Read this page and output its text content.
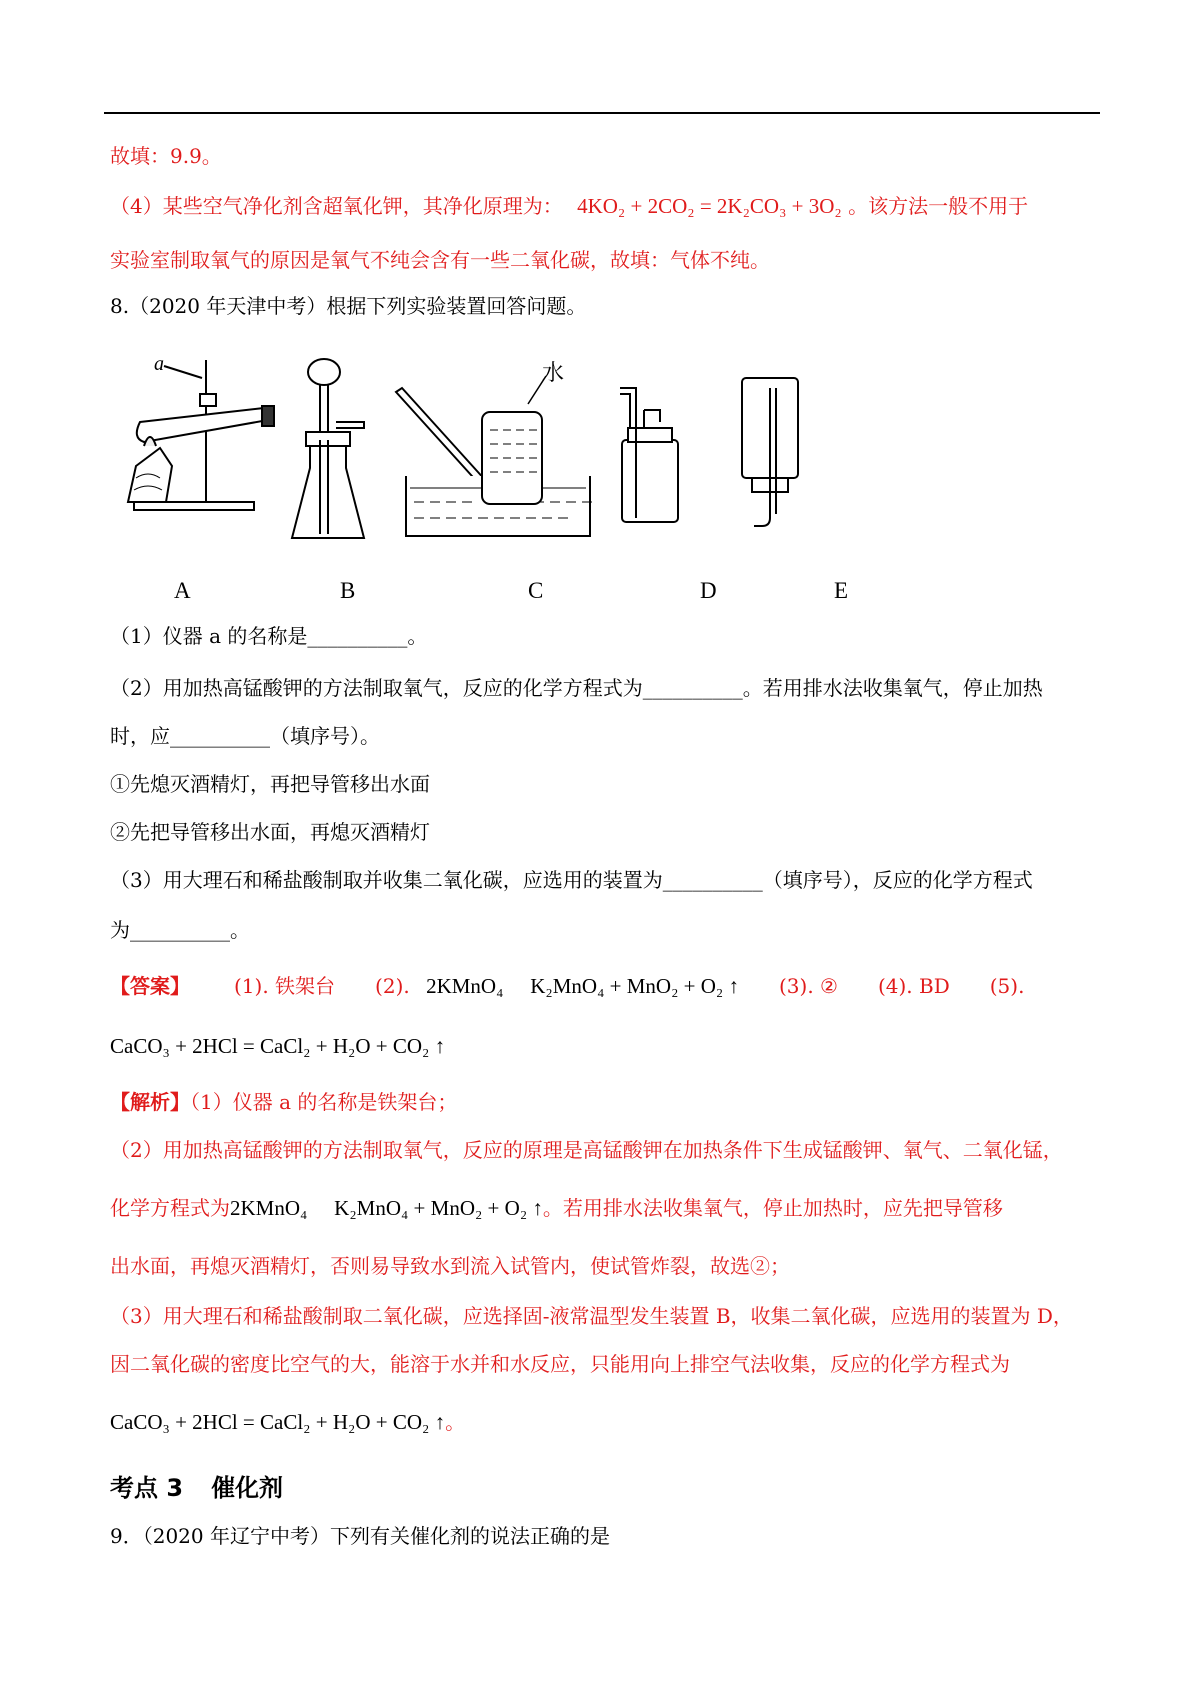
故填：9.9。
（4）某些空气净化剂含超氧化钾，其净化原理为： 4KO₂ + 2CO₂ = 2K₂CO₃ + 3O₂ 。该方法一般不用于
实验室制取氧气的原因是氧气不纯会含有一些二氧化碳，故填：气体不纯。
8.（2020 年天津中考）根据下列实验装置回答问题。
a	水
A	B	C	D	E
（1）仪器 a 的名称是__________。
（2）用加热高锰酸钾的方法制取氧气，反应的化学方程式为__________。若用排水法收集氧气，停止加热
时，应__________（填序号）。
①先熄灭酒精灯，再把导管移出水面
②先把导管移出水面，再熄灭酒精灯
（3）用大理石和稀盐酸制取并收集二氧化碳，应选用的装置为__________（填序号），反应的化学方程式
为__________。
【答案】 (1). 铁架台 (2). 2KMnO₄ ⃞ K₂MnO₄ + MnO₂ + O₂ ↑ (3). ② (4). BD (5).
CaCO₃ + 2HCl = CaCl₂ + H₂O + CO₂ ↑
【解析】（1）仪器 a 的名称是铁架台；
（2）用加热高锰酸钾的方法制取氧气，反应的原理是高锰酸钾在加热条件下生成锰酸钾、氧气、二氧化锰，
化学方程式为2KMnO₄ ⃞ K₂MnO₄ + MnO₂ + O₂ ↑。若用排水法收集氧气，停止加热时，应先把导管移
出水面，再熄灭酒精灯，否则易导致水到流入试管内，使试管炸裂，故选②；
（3）用大理石和稀盐酸制取二氧化碳，应选择固-液常温型发生装置 B，收集二氧化碳，应选用的装置为 D，
因二氧化碳的密度比空气的大，能溶于水并和水反应，只能用向上排空气法收集，反应的化学方程式为
CaCO₃ + 2HCl = CaCl₂ + H₂O + CO₂ ↑。
考点 3 催化剂
9．（2020 年辽宁中考）下列有关催化剂的说法正确的是
